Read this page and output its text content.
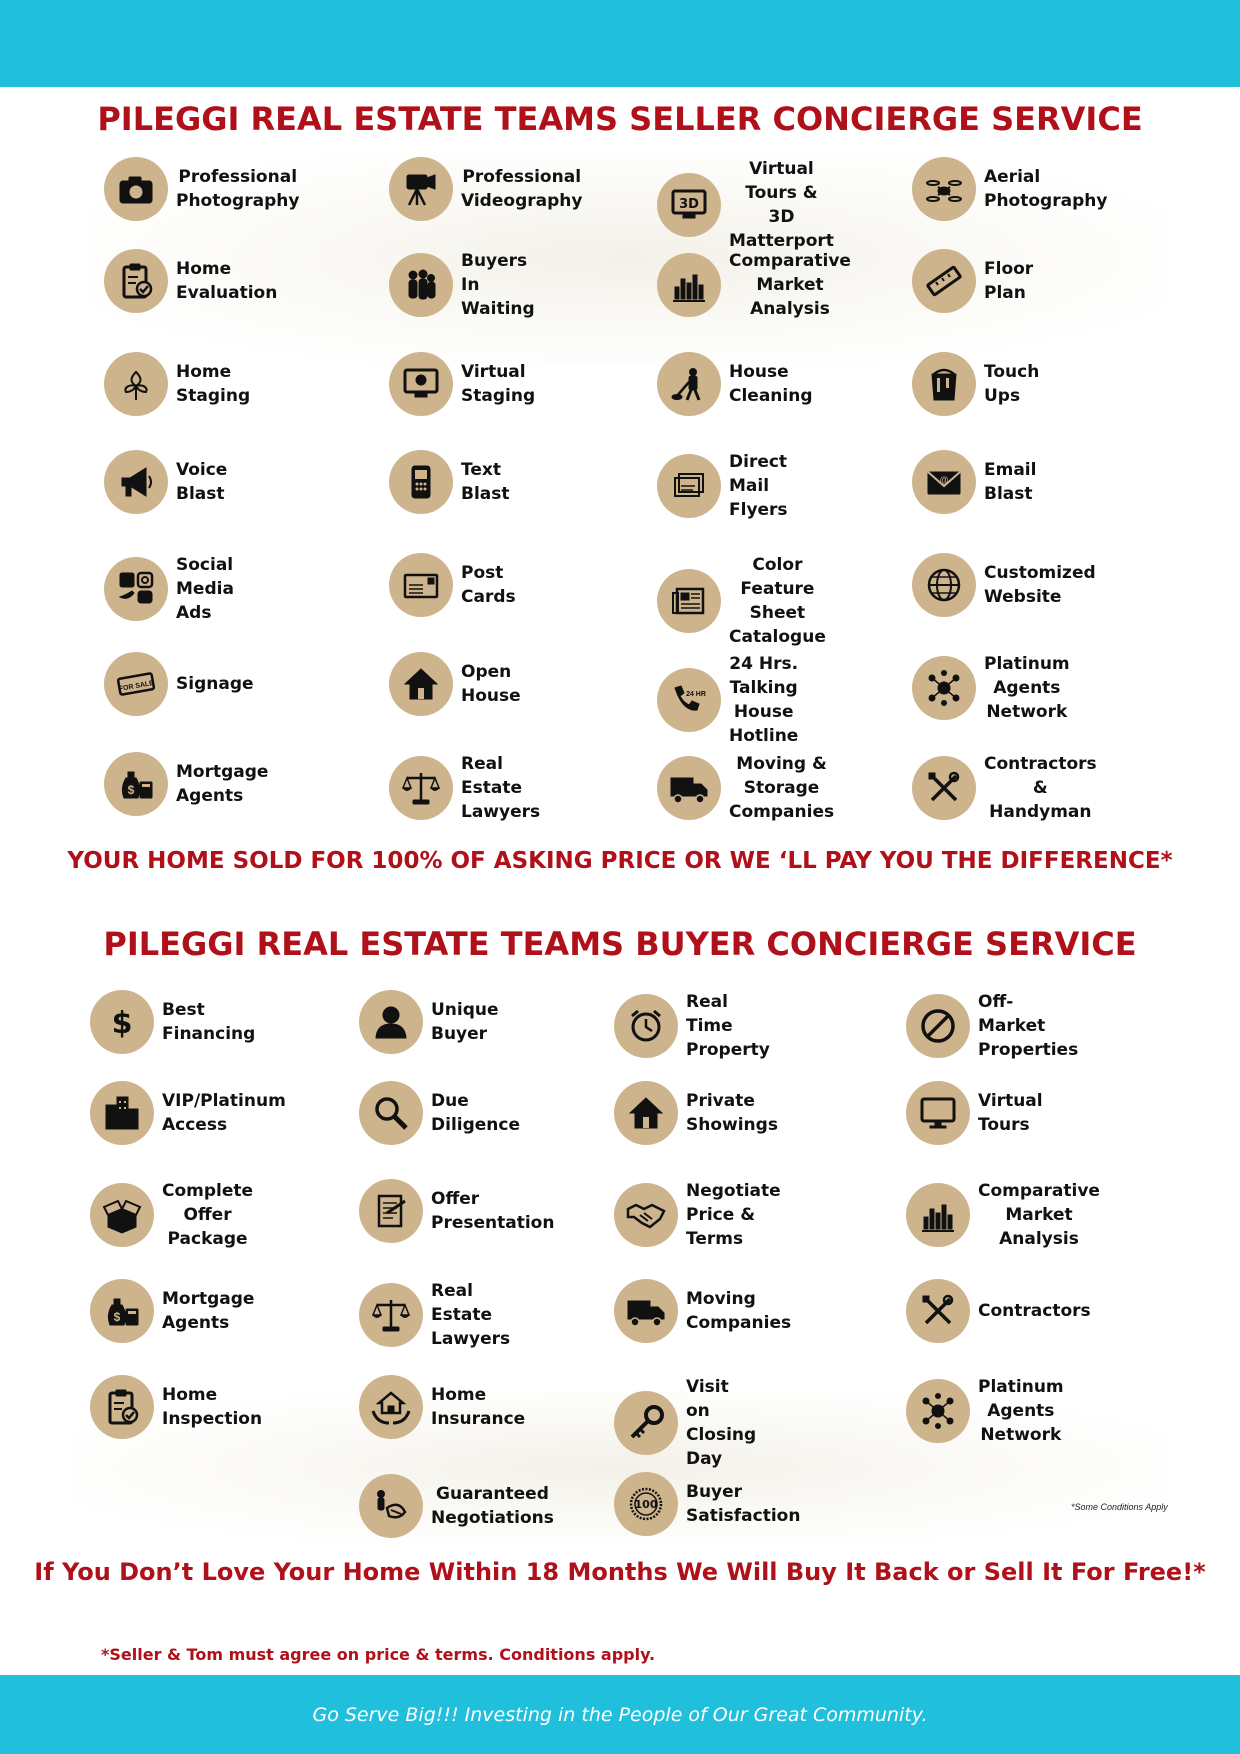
PILEGGI REAL ESTATE TEAMS SELLER CONCIERGE SERVICE
Professional
Photography
Professional
Videography	3D
Virtual Tours &
3D Matterport
Aerial Photography
Home Evaluation
Buyers In Waiting
Comparative
Market Analysis
Floor Plan
Home Staging
Virtual Staging
House Cleaning
Touch Ups
Voice Blast
Text Blast
Direct Mail Flyers
@ Email Blast
Social Media Ads
Post Cards
Color Feature
Sheet Catalogue
Customized Website
FOR SALE Signage
Open House	24 HR
24 Hrs. Talking
House Hotline
Platinum Agents
Network
$
Mortgage Agents
Real Estate Lawyers
Moving & Storage
Companies
Contractors &
Handyman
YOUR HOME SOLD FOR 100% OF ASKING PRICE OR WE ‘LL PAY YOU THE DIFFERENCE*
PILEGGI REAL ESTATE TEAMS BUYER CONCIERGE SERVICE
$ Best Financing
Unique Buyer
Real Time Property
Off-Market Properties
VIP/Platinum Access
Due Diligence
Private Showings
Virtual Tours
Complete Offer
Package
Offer Presentation
Negotiate Price & Terms
Comparative Market
Analysis
$
Mortgage Agents
Real Estate Lawyers
Moving Companies
Contractors
Home Inspection
Home Insurance
Visit on Closing Day
Platinum Agents
Network
Guaranteed
Negotiations
100
Buyer Satisfaction	*Some Conditions Apply
If You Don’t Love Your Home Within 18 Months We Will Buy It Back or Sell It For Free!*
*Seller & Tom must agree on price & terms. Conditions apply.
Go Serve Big!!! Investing in the People of Our Great Community.
